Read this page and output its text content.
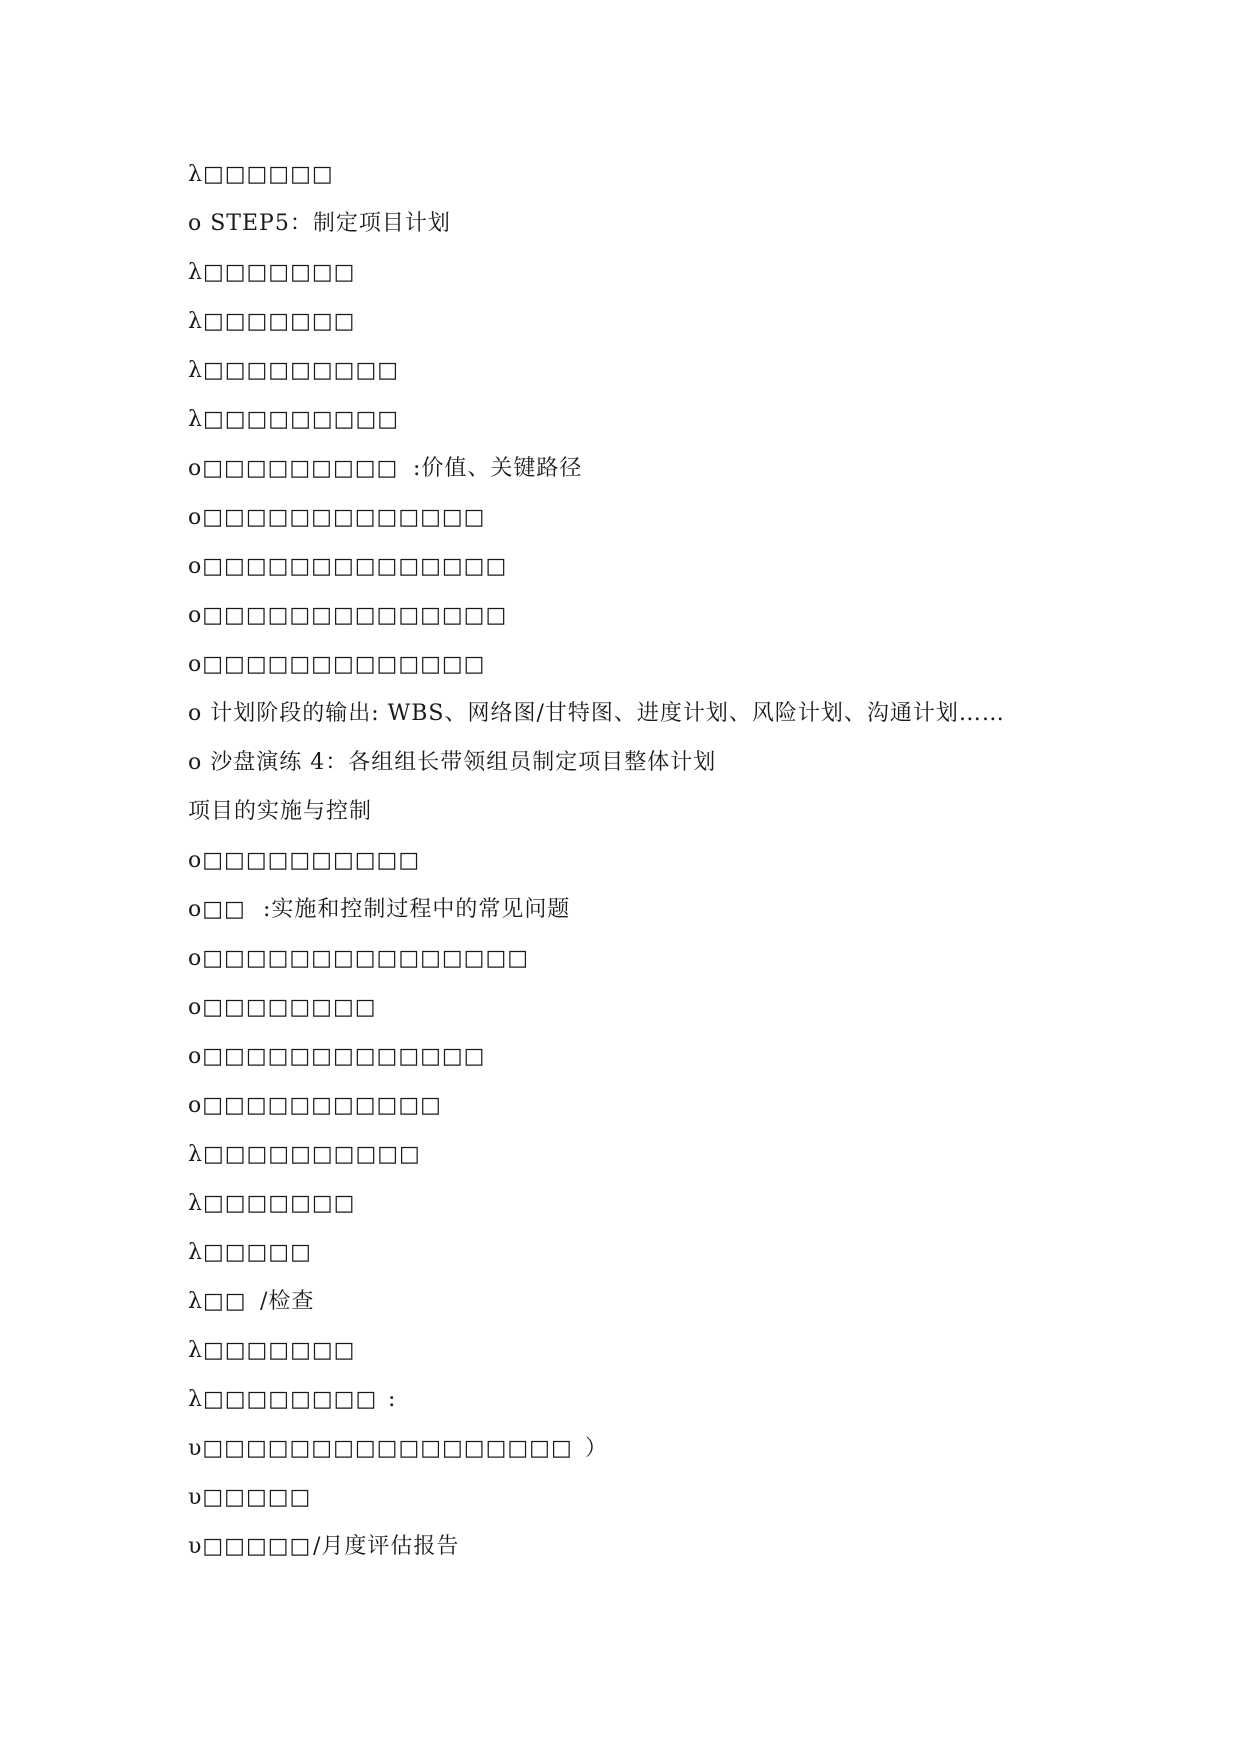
λ□□□□□□
o STEP5：制定项目计划
λ□□□□□□□
λ□□□□□□□
λ□□□□□□□□□
λ□□□□□□□□□
o□□□□□□□□□ :价值、关键路径
o□□□□□□□□□□□□□
o□□□□□□□□□□□□□□
o□□□□□□□□□□□□□□
o□□□□□□□□□□□□□
o 计划阶段的输出: WBS、网络图/甘特图、进度计划、风险计划、沟通计划……
o 沙盘演练 4：各组组长带领组员制定项目整体计划
项目的实施与控制
o□□□□□□□□□□
o□□ :实施和控制过程中的常见问题
o□□□□□□□□□□□□□□□
o□□□□□□□□
o□□□□□□□□□□□□□
o□□□□□□□□□□□
λ□□□□□□□□□□
λ□□□□□□□
λ□□□□□
λ□□ /检查
λ□□□□□□□
λ□□□□□□□□ :
υ□□□□□□□□□□□□□□□□□ ）
υ□□□□□
υ□□□□□ /月度评估报告
